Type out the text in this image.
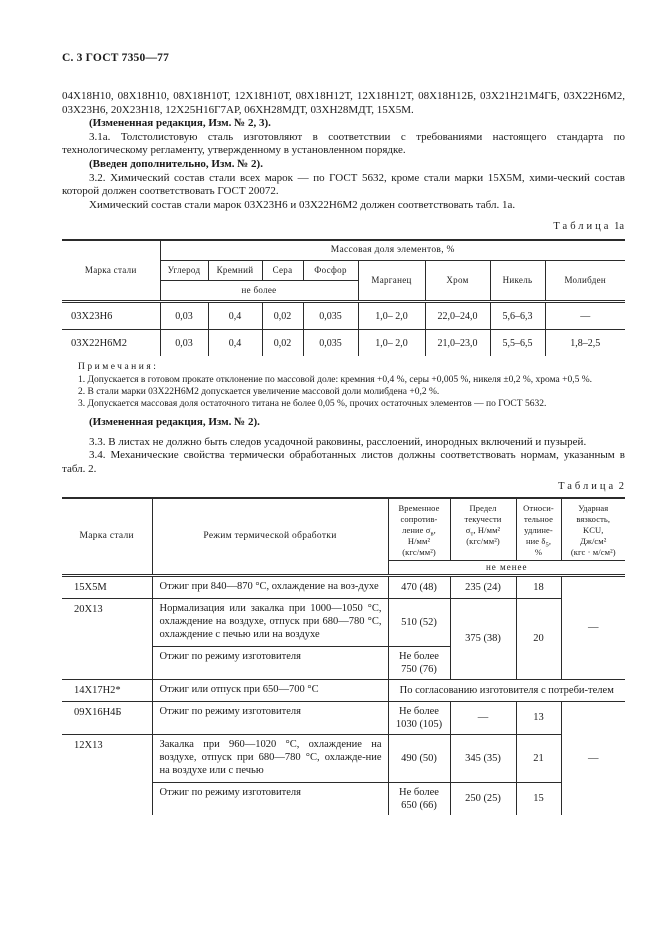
С. 3 ГОСТ 7350—77

04Х18Н10, 08Х18Н10, 08Х18Н10Т, 12Х18Н10Т, 08Х18Н12Т, 12Х18Н12Т, 08Х18Н12Б, 03Х21Н21М4ГБ, 03Х22Н6М2, 03Х23Н6, 20Х23Н18, 12Х25Н16Г7АР, 06ХН28МДТ, 03ХН28МДТ, 15Х5М.

(Измененная редакция, Изм. № 2, 3).

3.1а. Толстолистовую сталь изготовляют в соответствии с требованиями настоящего стандарта по технологическому регламенту, утвержденному в установленном порядке.

(Введен дополнительно, Изм. № 2).

3.2. Химический состав стали всех марок — по ГОСТ 5632, кроме стали марки 15Х5М, хими-ческий состав которой должен соответствовать ГОСТ 20072.

Химический состав стали марок 03Х23Н6 и 03Х22Н6М2 должен соответствовать табл. 1а.

Таблица 1а
Марка стали	Массовая доля элементов, %							
	Углерод	Кремний	Сера	Фосфор	Марганец	Хром	Никель	Молибден
	не более							
03Х23Н6	0,03	0,4	0,02	0,035	1,0– 2,0	22,0–24,0	5,6–6,3	—
03Х22Н6М2	0,03	0,4	0,02	0,035	1,0– 2,0	21,0–23,0	5,5–6,5	1,8–2,5

Примечания:

1. Допускается в готовом прокате отклонение по массовой доле: кремния +0,4 %, серы +0,005 %, никеля ±0,2 %, хрома +0,5 %.

2. В стали марки 03Х22Н6М2 допускается увеличение массовой доли молибдена +0,2 %.

3. Допускается массовая доля остаточного титана не более 0,05 %, прочих остаточных элементов — по ГОСТ 5632.

(Измененная редакция, Изм. № 2).

3.3. В листах не должно быть следов усадочной раковины, расслоений, инородных включений и пузырей.

3.4. Механические свойства термически обработанных листов должны соответствовать нормам, указанным в табл. 2.

Таблица 2
Марка стали	Режим термической обработки	Временное
сопротив-
ление $\sigma_в$,
Н/мм²
(кгс/мм²)	Предел
текучести
$\sigma_т$, Н/мм²
(кгс/мм²)	Относи-
тельное
удлине-
ние $\delta_5$,
%	Ударная
вязкость,
KCU,
Дж/см²
(кгс · м/см²)

		не менее			
15Х5М	Отжиг при 840—870 °С, охлаждение на воз-духе	470 (48)	235 (24)	18	—
20Х13	Нормализация или закалка при 1000—1050 °С, охлаждение на воздухе, отпуск при 680—780 °С, охлаждение с печью или на воздухе	510 (52)	375 (38)	20	
	Отжиг по режиму изготовителя	Не более 750 (76)			
14Х17Н2*	Отжиг или отпуск при 650—700 °С	По согласованию изготовителя с потреби-телем			
09Х16Н4Б	Отжиг по режиму изготовителя	Не более 1030 (105)	—	13	—
12Х13	Закалка при 960—1020 °С, охлаждение на воздухе, отпуск при 680—780 °С, охлажде-ние на воздухе или с печью	490 (50)	345 (35)	21	
	Отжиг по режиму изготовителя	Не более 650 (66)	250 (25)	15	
